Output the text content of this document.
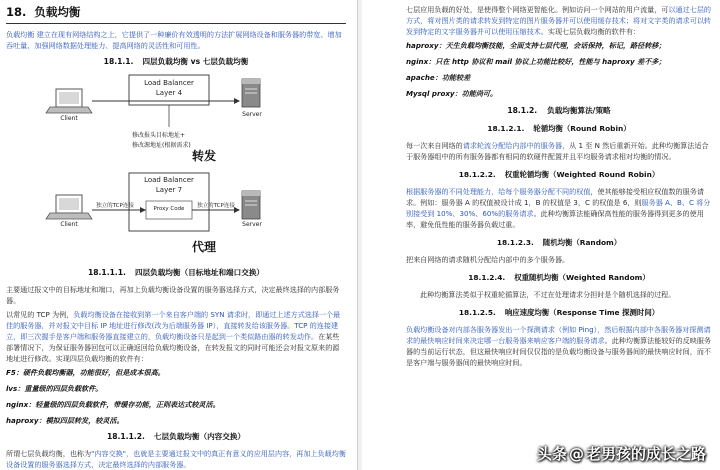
18. 负载均衡

负载均衡 建立在现有网络结构之上，它提供了一种廉价有效透明的方法扩展网络设备和服务器的带宽、增加吞吐量、加强网络数据处理能力、提高网络的灵活性和可用性。

18.1.1. 四层负载均衡 vs 七层负载均衡
Load Balancer
Layer 4
Client
Server
修改报头目标地址+
修改源地址(根据需求)
转发
Load Balancer
Layer 7
Proxy Code
独立的TCP连接	独立的TCP连接
Client	Server
代理
18.1.1.1. 四层负载均衡（目标地址和端口交换）

主要通过报文中的目标地址和端口，再加上负载均衡设备设置的服务器选择方式，决定最终选择的内部服务器。

以常见的 TCP 为例，负载均衡设备在接收到第一个来自客户端的 SYN 请求时，即通过上述方式选择一个最佳的服务器，并对报文中目标 IP 地址进行修改(改为后端服务器 IP），直接转发给该服务器。TCP 的连接建立，即三次握手是客户端和服务器直接建立的，负载均衡设备只是起到一个类似路由器的转发动作。在某些部署情况下，为保证服务器回包可以正确返回给负载均衡设备，在转发报文的同时可能还会对报文原来的源地址进行修改。实现四层负载均衡的软件有：

F5：硬件负载均衡器，功能很好，但是成本很高。
lvs：重量级的四层负载软件。
nginx：轻量级的四层负载软件，带缓存功能，正则表达式较灵活。
haproxy：模拟四层转发，较灵活。
18.1.1.2. 七层负载均衡（内容交换）

所谓七层负载均衡，也称为"内容交换"，也就是主要通过报文中的真正有意义的应用层内容，再加上负载均衡设备设置的服务器选择方式，决定最终选择的内部服务器。

七层应用负载的好处，是使得整个网络更智能化。例如访问一个网站的用户流量，可以通过七层的方式，将对图片类的请求转发到特定的图片服务器并可以使用缓存技术；将对文字类的请求可以转发到特定的文字服务器并可以使用压缩技术。实现七层负载均衡的软件有：

haproxy：天生负载均衡技能，全面支持七层代理，会话保持，标记，路径转移；
nginx：只在 http 协议和 mail 协议上功能比较好，性能与 haproxy 差不多；
apache：功能较差
Mysql proxy：功能尚可。
18.1.2. 负载均衡算法/策略
18.1.2.1. 轮循均衡（Round Robin）

每一次来自网络的请求轮流分配给内部中的服务器，从 1 至 N 然后重新开始。此种均衡算法适合于服务器组中的所有服务器都有相同的软硬件配置并且平均服务请求相对均衡的情况。

18.1.2.2. 权重轮循均衡（Weighted Round Robin）

根据服务器的不同处理能力，给每个服务器分配不同的权值，使其能够接受相应权值数的服务请求。例如：服务器 A 的权值被设计成 1，B 的权值是 3，C 的权值是 6，则服务器 A、B、C 将分别接受到 10%、30%、60%的服务请求。此种均衡算法能确保高性能的服务器得到更多的使用率，避免低性能的服务器负载过重。

18.1.2.3. 随机均衡（Random）

把来自网络的请求随机分配给内部中的多个服务器。

18.1.2.4. 权重随机均衡（Weighted Random）

此种均衡算法类似于权重轮循算法，不过在处理请求分担时是个随机选择的过程。

18.1.2.5. 响应速度均衡（Response Time 探测时间）

负载均衡设备对内部各服务器发出一个探测请求（例如 Ping），然后根据内部中各服务器对探测请求的最快响应时间来决定哪一台服务器来响应客户端的服务请求。此种均衡算法能较好的反映服务器的当前运行状态，但这最快响应时间仅仅指的是负载均衡设备与服务器间的最快响应时间，而不是客户端与服务器间的最快响应时间。

头条 @ 老男孩的成长之路
